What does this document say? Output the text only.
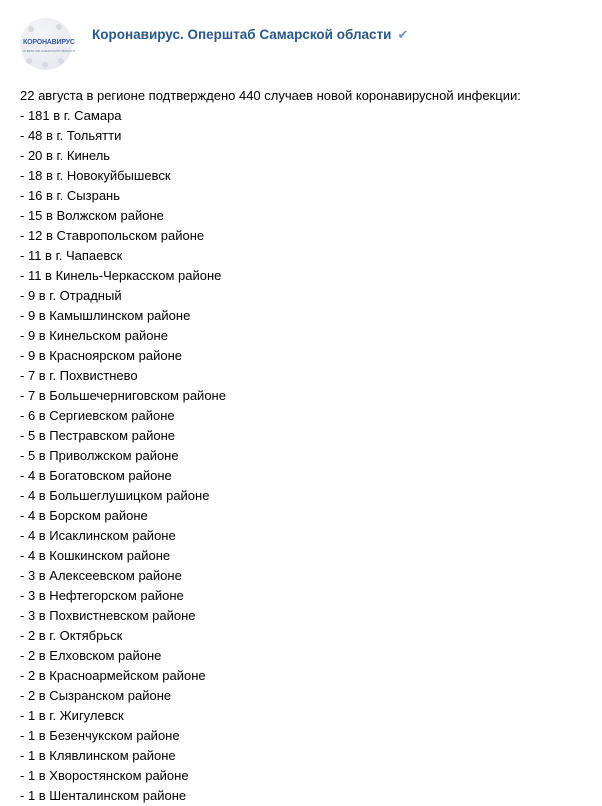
КОРОНАВИРУС
ОПЕРШТАБ САМАРСКОЙ ОБЛАСТИ
Коронавирус. Оперштаб Самарской области ✔
22 августа в регионе подтверждено 440 случаев новой коронавирусной инфекции:
- 181 в г. Самара
- 48 в г. Тольятти
- 20 в г. Кинель
- 18 в г. Новокуйбышевск
- 16 в г. Сызрань
- 15 в Волжском районе
- 12 в Ставропольском районе
- 11 в г. Чапаевск
- 11 в Кинель-Черкасском районе
- 9 в г. Отрадный
- 9 в Камышлинском районе
- 9 в Кинельском районе
- 9 в Красноярском районе
- 7 в г. Похвистнево
- 7 в Большечерниговском районе
- 6 в Сергиевском районе
- 5 в Пестравском районе
- 5 в Приволжском районе
- 4 в Богатовском районе
- 4 в Большеглушицком районе
- 4 в Борском районе
- 4 в Исаклинском районе
- 4 в Кошкинском районе
- 3 в Алексеевском районе
- 3 в Нефтегорском районе
- 3 в Похвистневском районе
- 2 в г. Октябрьск
- 2 в Елховском районе
- 2 в Красноармейском районе
- 2 в Сызранском районе
- 1 в г. Жигулевск
- 1 в Безенчукском районе
- 1 в Клявлинском районе
- 1 в Хворостянском районе
- 1 в Шенталинском районе
